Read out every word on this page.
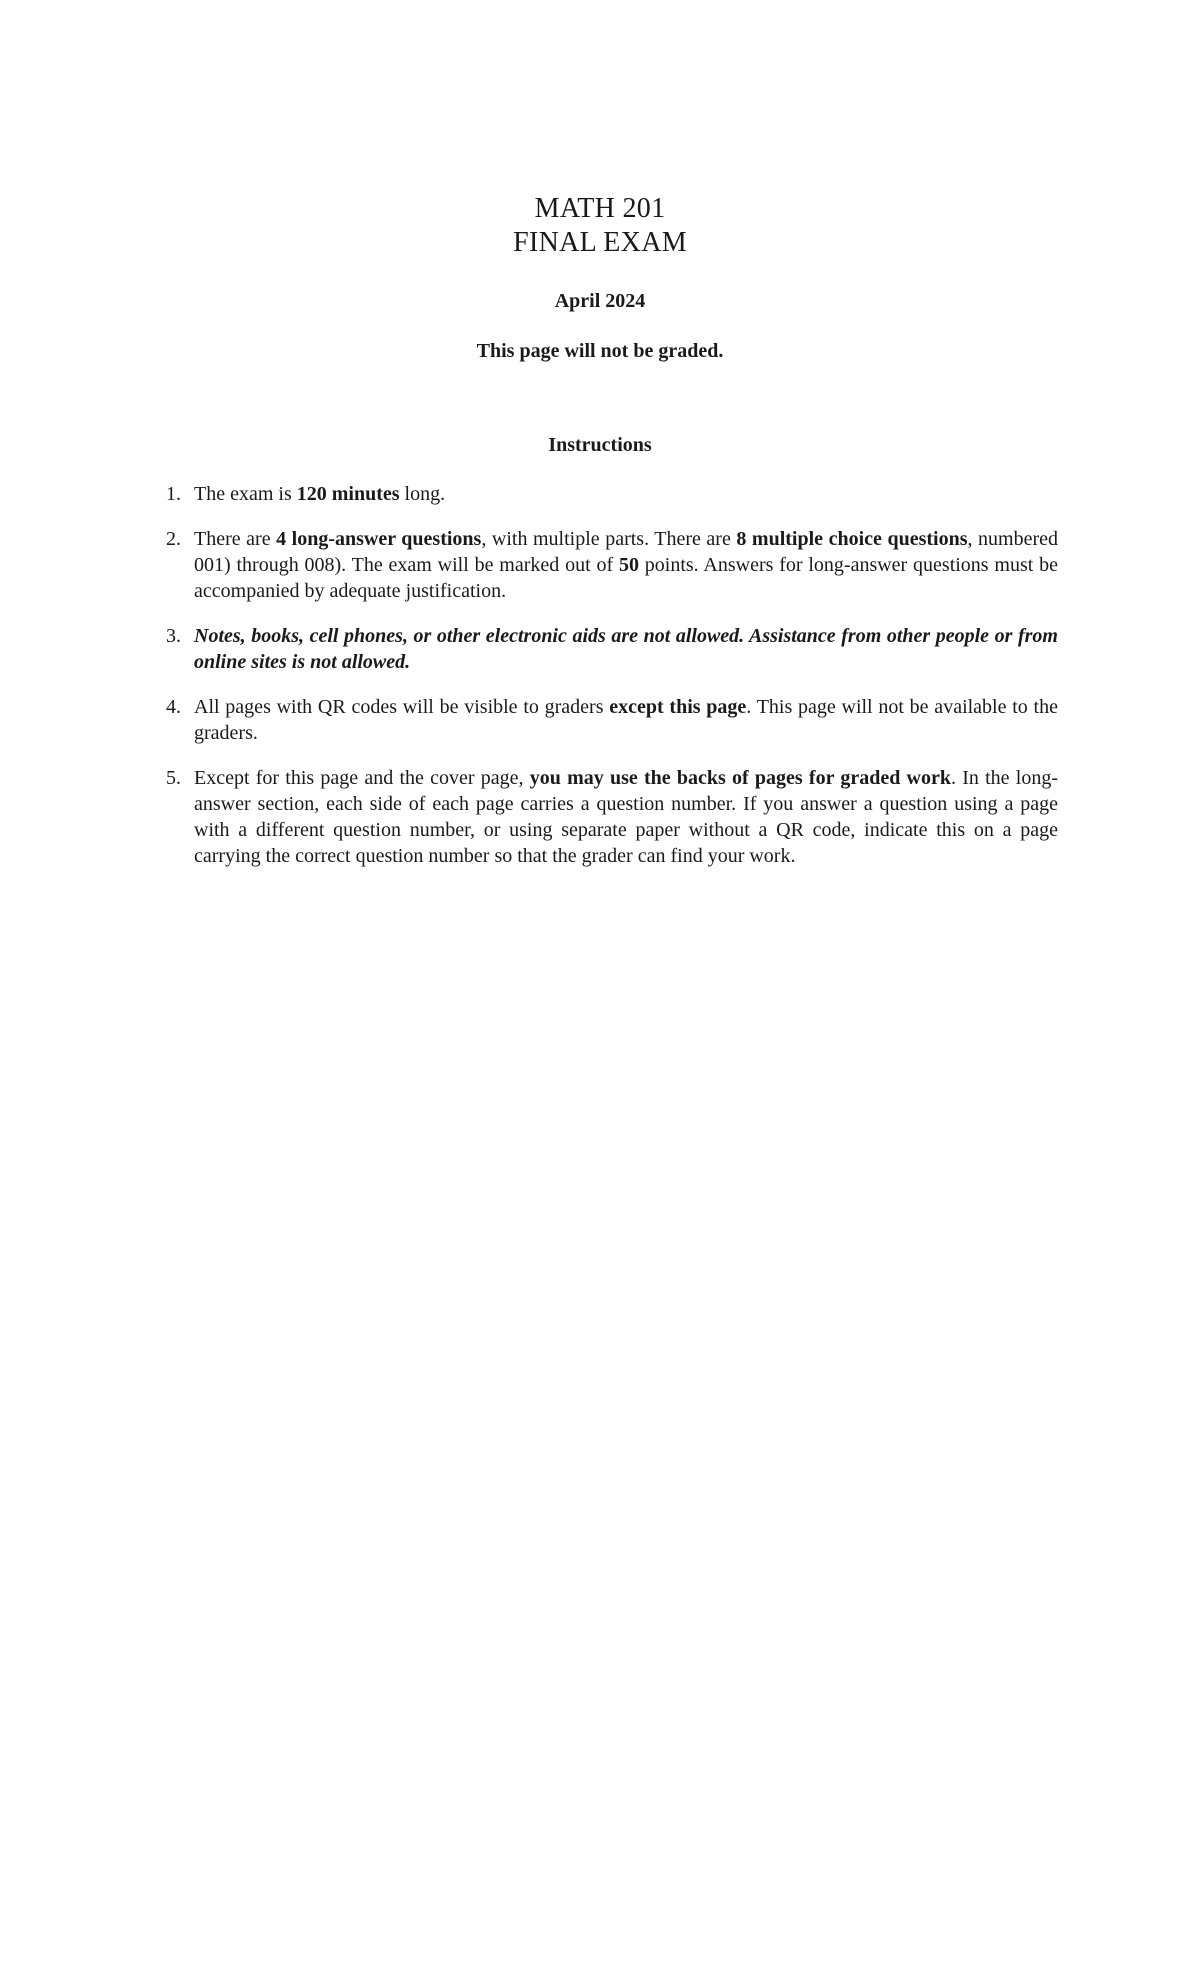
MATH 201
FINAL EXAM
April 2024
This page will not be graded.
Instructions
1. The exam is 120 minutes long.
2. There are 4 long-answer questions, with multiple parts. There are 8 multiple choice questions, numbered 001) through 008). The exam will be marked out of 50 points. Answers for long-answer questions must be accompanied by adequate justification.
3. Notes, books, cell phones, or other electronic aids are not allowed. Assistance from other people or from online sites is not allowed.
4. All pages with QR codes will be visible to graders except this page. This page will not be available to the graders.
5. Except for this page and the cover page, you may use the backs of pages for graded work. In the long-answer section, each side of each page carries a question number. If you answer a question using a page with a different question number, or using separate paper without a QR code, indicate this on a page carrying the correct question number so that the grader can find your work.
